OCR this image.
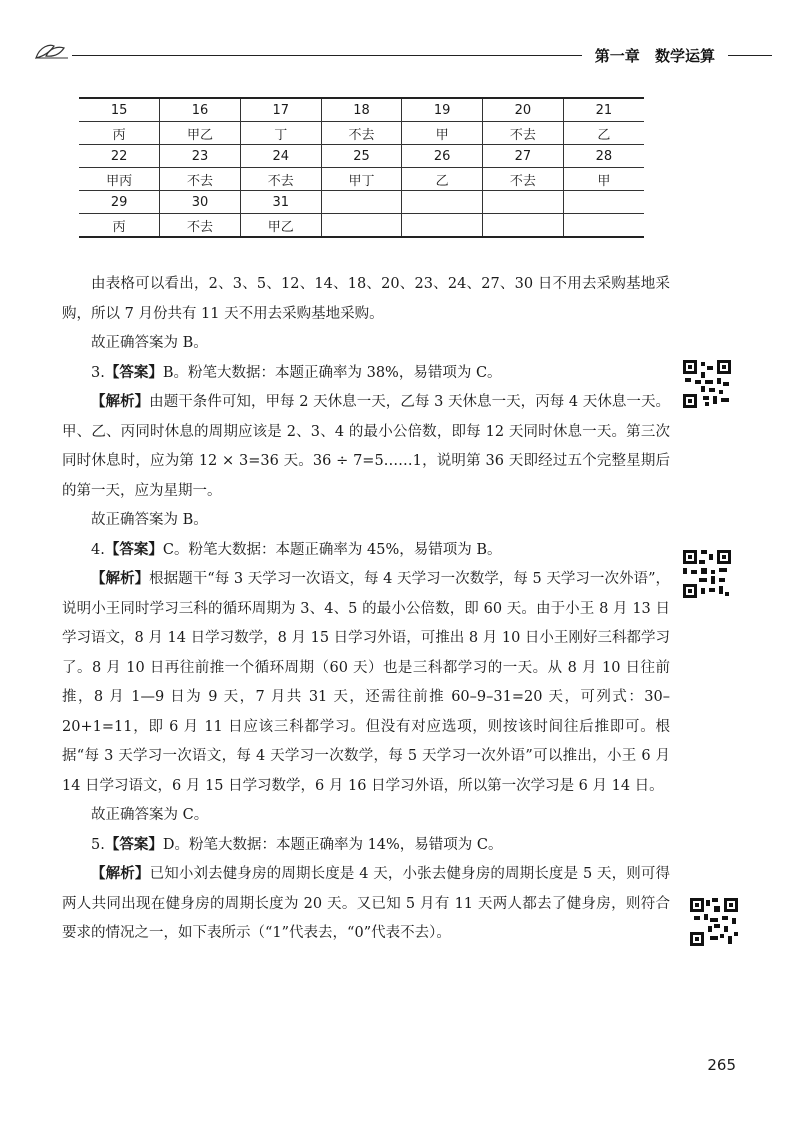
第一章 数学运算
15	16	17	18	19	20	21
丙	甲乙	丁	不去	甲	不去	乙
22	23	24	25	26	27	28
甲丙	不去	不去	甲丁	乙	不去	甲
29	30	31				
丙	不去	甲乙				

由表格可以看出，2、3、5、12、14、18、20、23、24、27、30 日不用去采购基地采购，所以 7 月份共有 11 天不用去采购基地采购。

故正确答案为 B。

3.【答案】B。粉笔大数据：本题正确率为 38%，易错项为 C。

【解析】由题干条件可知，甲每 2 天休息一天，乙每 3 天休息一天，丙每 4 天休息一天。甲、乙、丙同时休息的周期应该是 2、3、4 的最小公倍数，即每 12 天同时休息一天。第三次同时休息时，应为第 12 × 3=36 天。36 ÷ 7=5……1，说明第 36 天即经过五个完整星期后的第一天，应为星期一。

故正确答案为 B。

4.【答案】C。粉笔大数据：本题正确率为 45%，易错项为 B。

【解析】根据题干“每 3 天学习一次语文，每 4 天学习一次数学，每 5 天学习一次外语”，说明小王同时学习三科的循环周期为 3、4、5 的最小公倍数，即 60 天。由于小王 8 月 13 日学习语文，8 月 14 日学习数学，8 月 15 日学习外语，可推出 8 月 10 日小王刚好三科都学习了。8 月 10 日再往前推一个循环周期（60 天）也是三科都学习的一天。从 8 月 10 日往前推，8 月 1—9 日为 9 天，7 月共 31 天，还需往前推 60–9–31=20 天，可列式：30–20+1=11，即 6 月 11 日应该三科都学习。但没有对应选项，则按该时间往后推即可。根据“每 3 天学习一次语文，每 4 天学习一次数学，每 5 天学习一次外语”可以推出，小王 6 月 14 日学习语文，6 月 15 日学习数学，6 月 16 日学习外语，所以第一次学习是 6 月 14 日。

故正确答案为 C。

5.【答案】D。粉笔大数据：本题正确率为 14%，易错项为 C。

【解析】已知小刘去健身房的周期长度是 4 天，小张去健身房的周期长度是 5 天，则可得两人共同出现在健身房的周期长度为 20 天。又已知 5 月有 11 天两人都去了健身房，则符合要求的情况之一，如下表所示（“1”代表去，“0”代表不去）。

265
